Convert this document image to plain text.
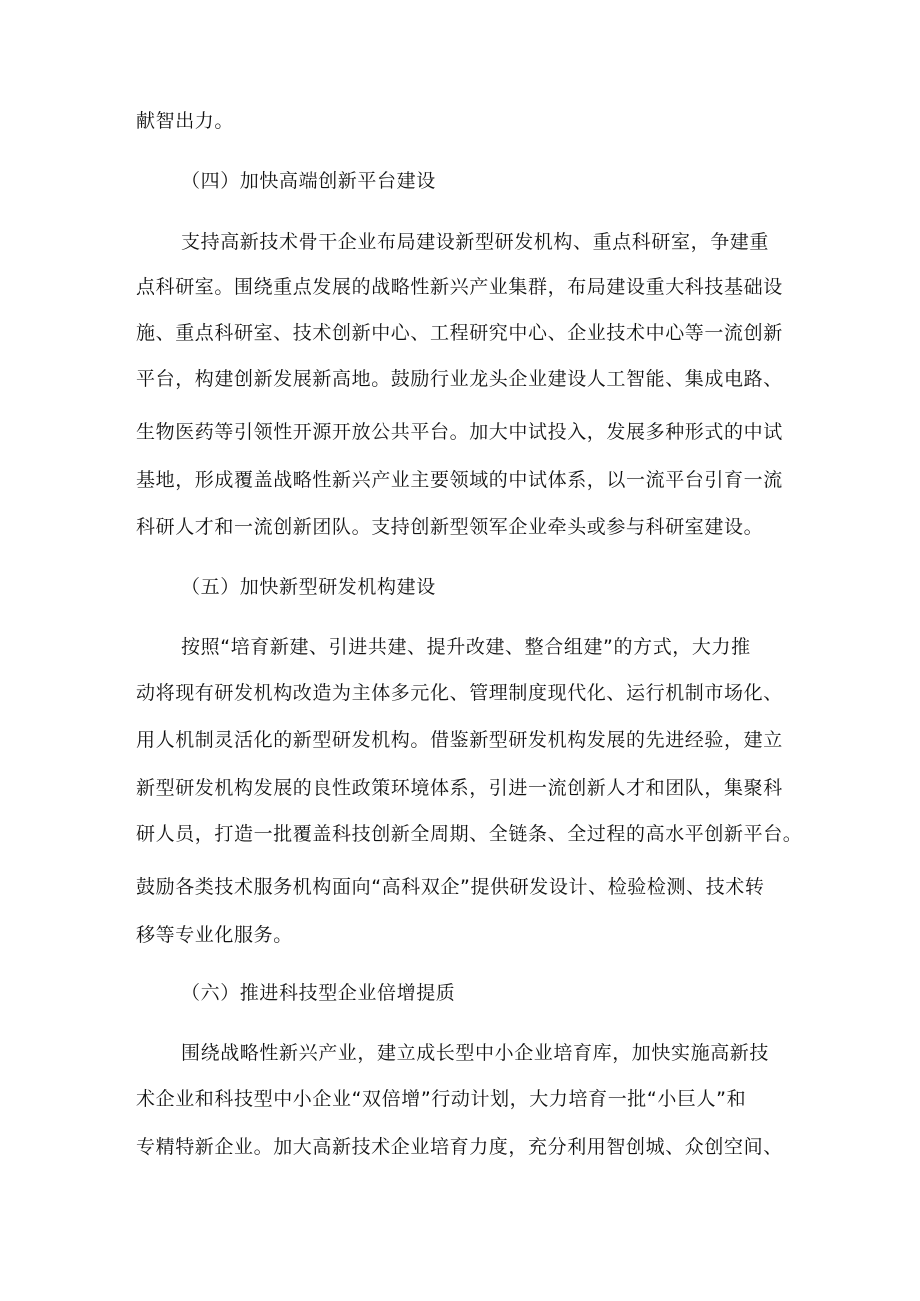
献智出力。
（四）加快高端创新平台建设
支持高新技术骨干企业布局建设新型研发机构、重点科研室，争建重
点科研室。围绕重点发展的战略性新兴产业集群，布局建设重大科技基础设
施、重点科研室、技术创新中心、工程研究中心、企业技术中心等一流创新
平台，构建创新发展新高地。鼓励行业龙头企业建设人工智能、集成电路、
生物医药等引领性开源开放公共平台。加大中试投入，发展多种形式的中试
基地，形成覆盖战略性新兴产业主要领域的中试体系，以一流平台引育一流
科研人才和一流创新团队。支持创新型领军企业牵头或参与科研室建设。
（五）加快新型研发机构建设
按照“培育新建、引进共建、提升改建、整合组建”的方式，大力推
动将现有研发机构改造为主体多元化、管理制度现代化、运行机制市场化、
用人机制灵活化的新型研发机构。借鉴新型研发机构发展的先进经验，建立
新型研发机构发展的良性政策环境体系，引进一流创新人才和团队，集聚科
研人员，打造一批覆盖科技创新全周期、全链条、全过程的高水平创新平台。
鼓励各类技术服务机构面向“高科双企”提供研发设计、检验检测、技术转
移等专业化服务。
（六）推进科技型企业倍增提质
围绕战略性新兴产业，建立成长型中小企业培育库，加快实施高新技
术企业和科技型中小企业“双倍增”行动计划，大力培育一批“小巨人”和
专精特新企业。加大高新技术企业培育力度，充分利用智创城、众创空间、
